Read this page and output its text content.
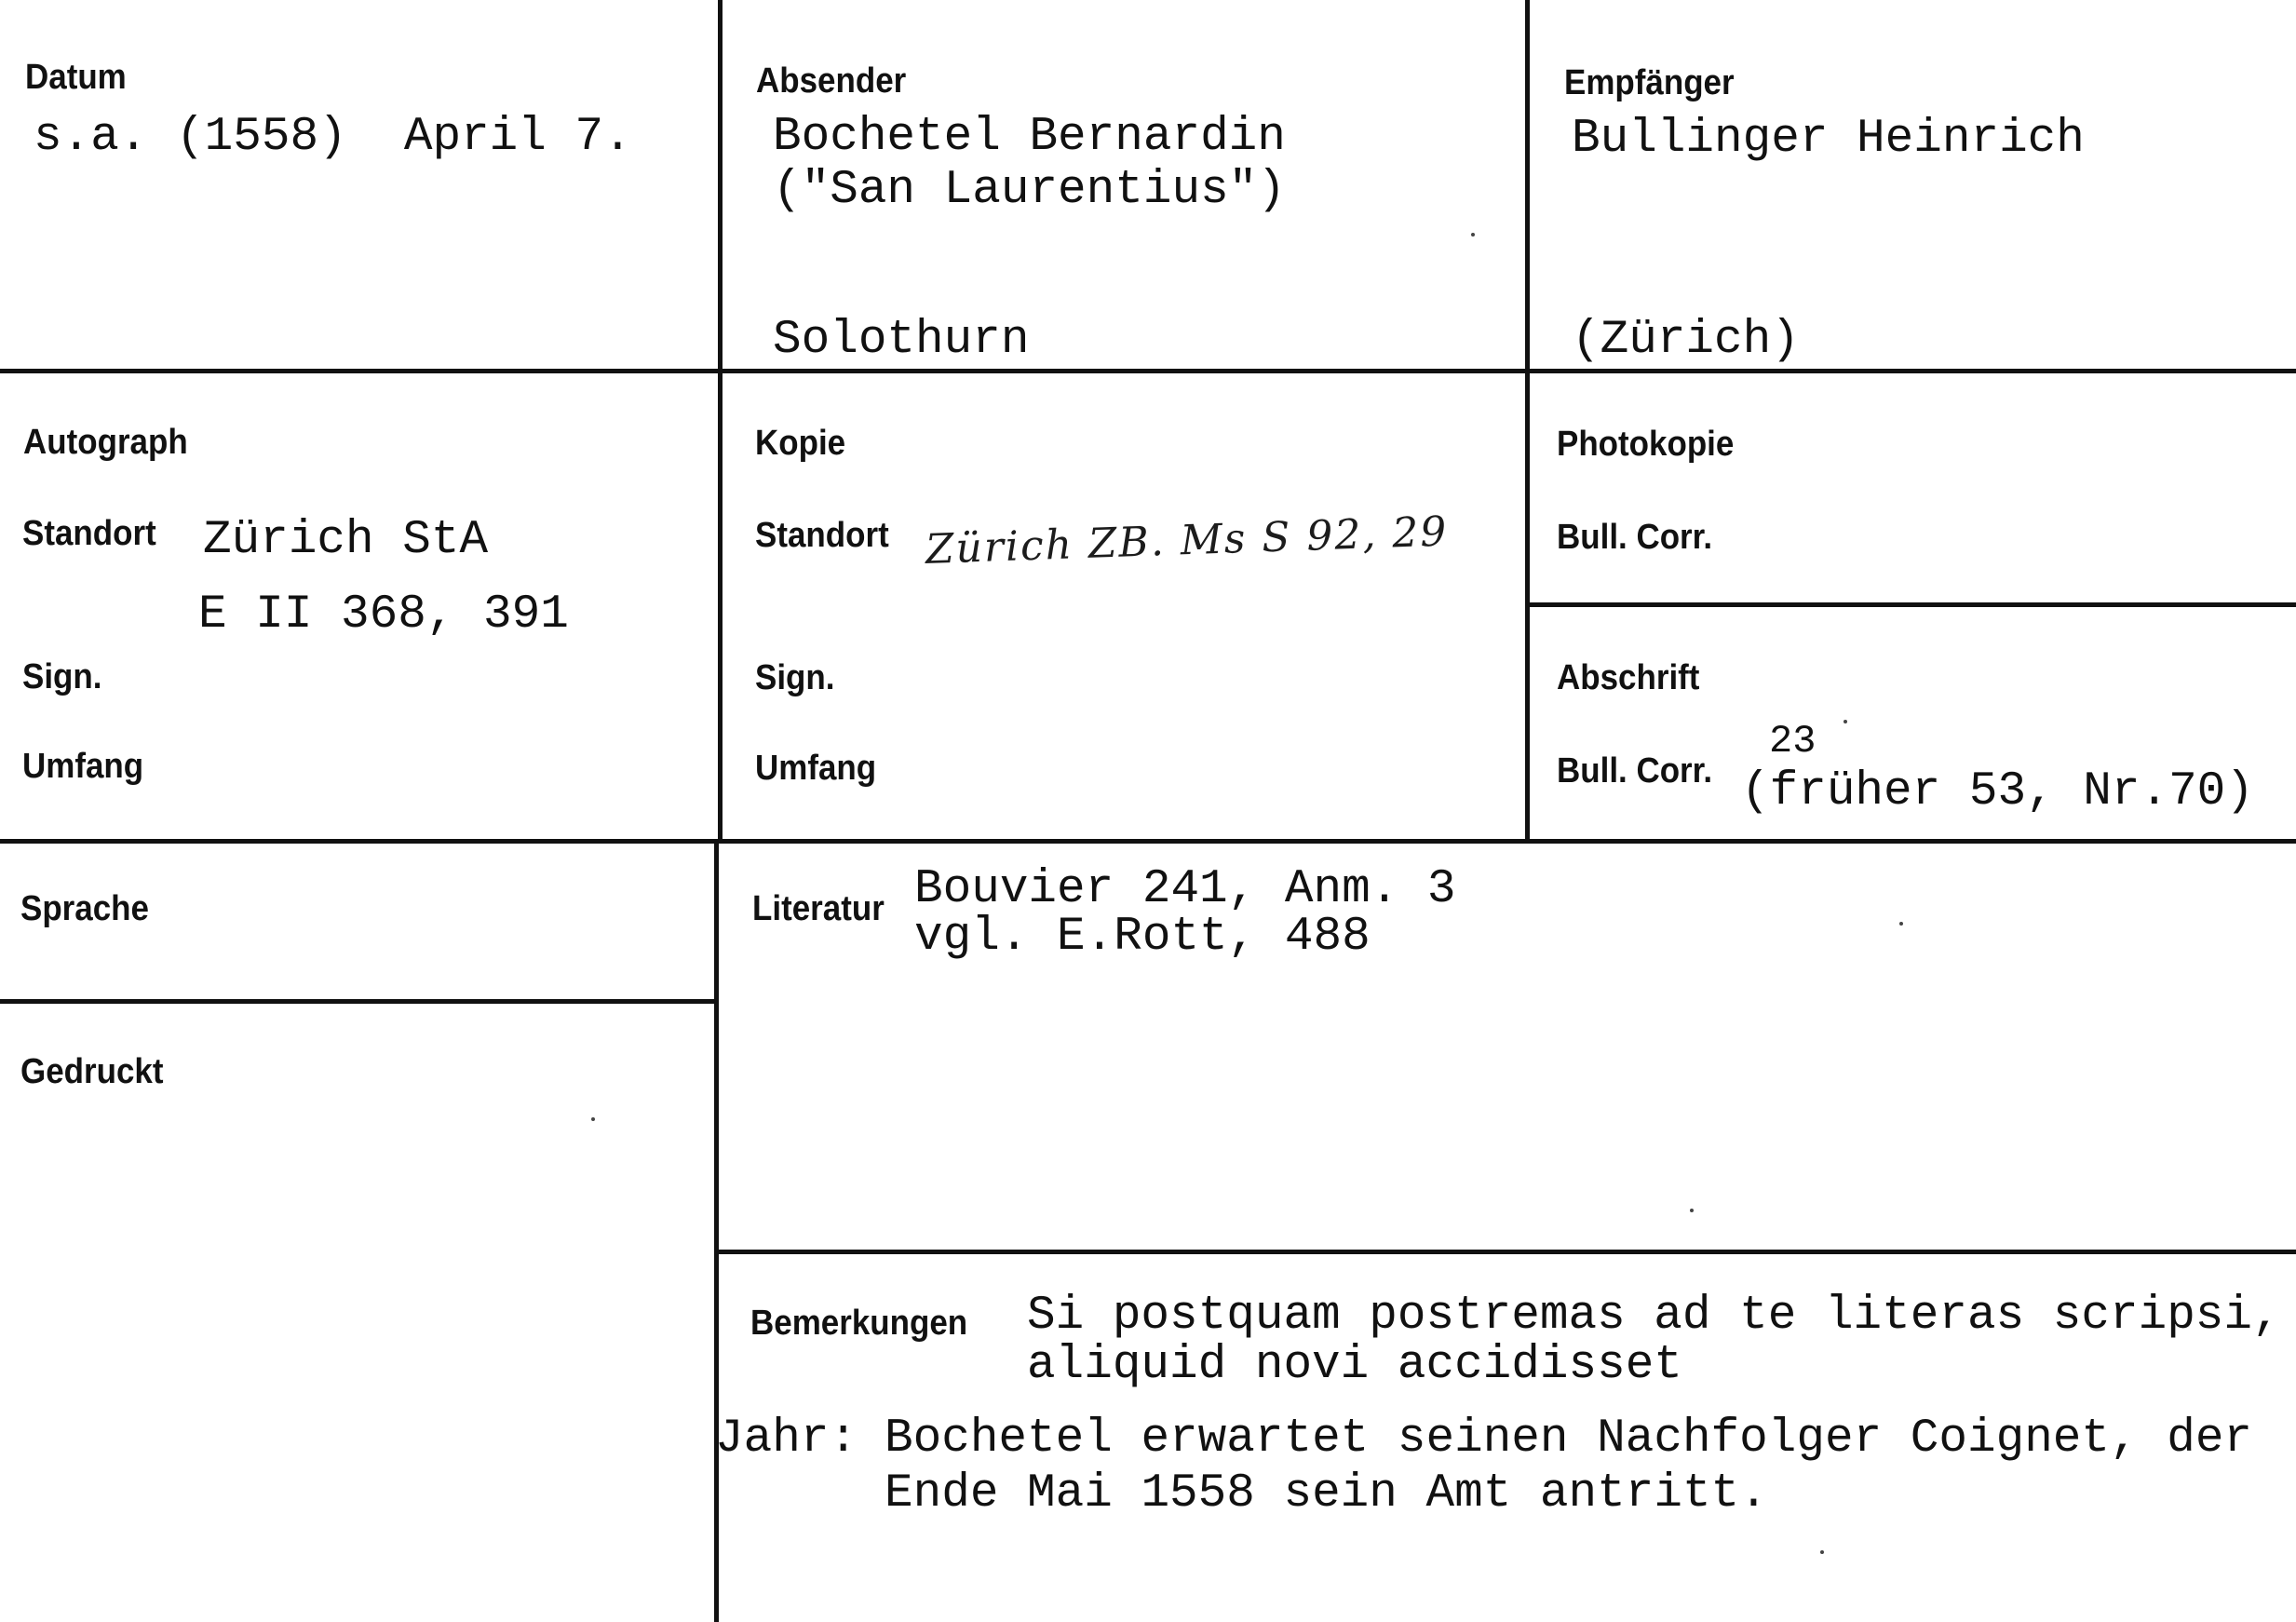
Datum
s.a. (1558)  April 7.
Absender
Bochetel Bernardin
("San Laurentius")
Solothurn
Empfänger
Bullinger Heinrich
(Zürich)
Autograph
Standort Zürich StA
E II 368, 391
Sign.
Umfang
Kopie
Standort Zürich ZB. Ms S 92, 29
Sign.
Umfang
Photokopie
Bull. Corr.
Abschrift
Bull. Corr.
23
(früher 53, Nr.70)
Sprache
Gedruckt
Literatur Bouvier 241, Anm. 3
vgl. E.Rott, 488
Bemerkungen Si postquam postremas ad te literas scripsi,
aliquid novi accidisset
Jahr: Bochetel erwartet seinen Nachfolger Coignet, der
Ende Mai 1558 sein Amt antritt.
